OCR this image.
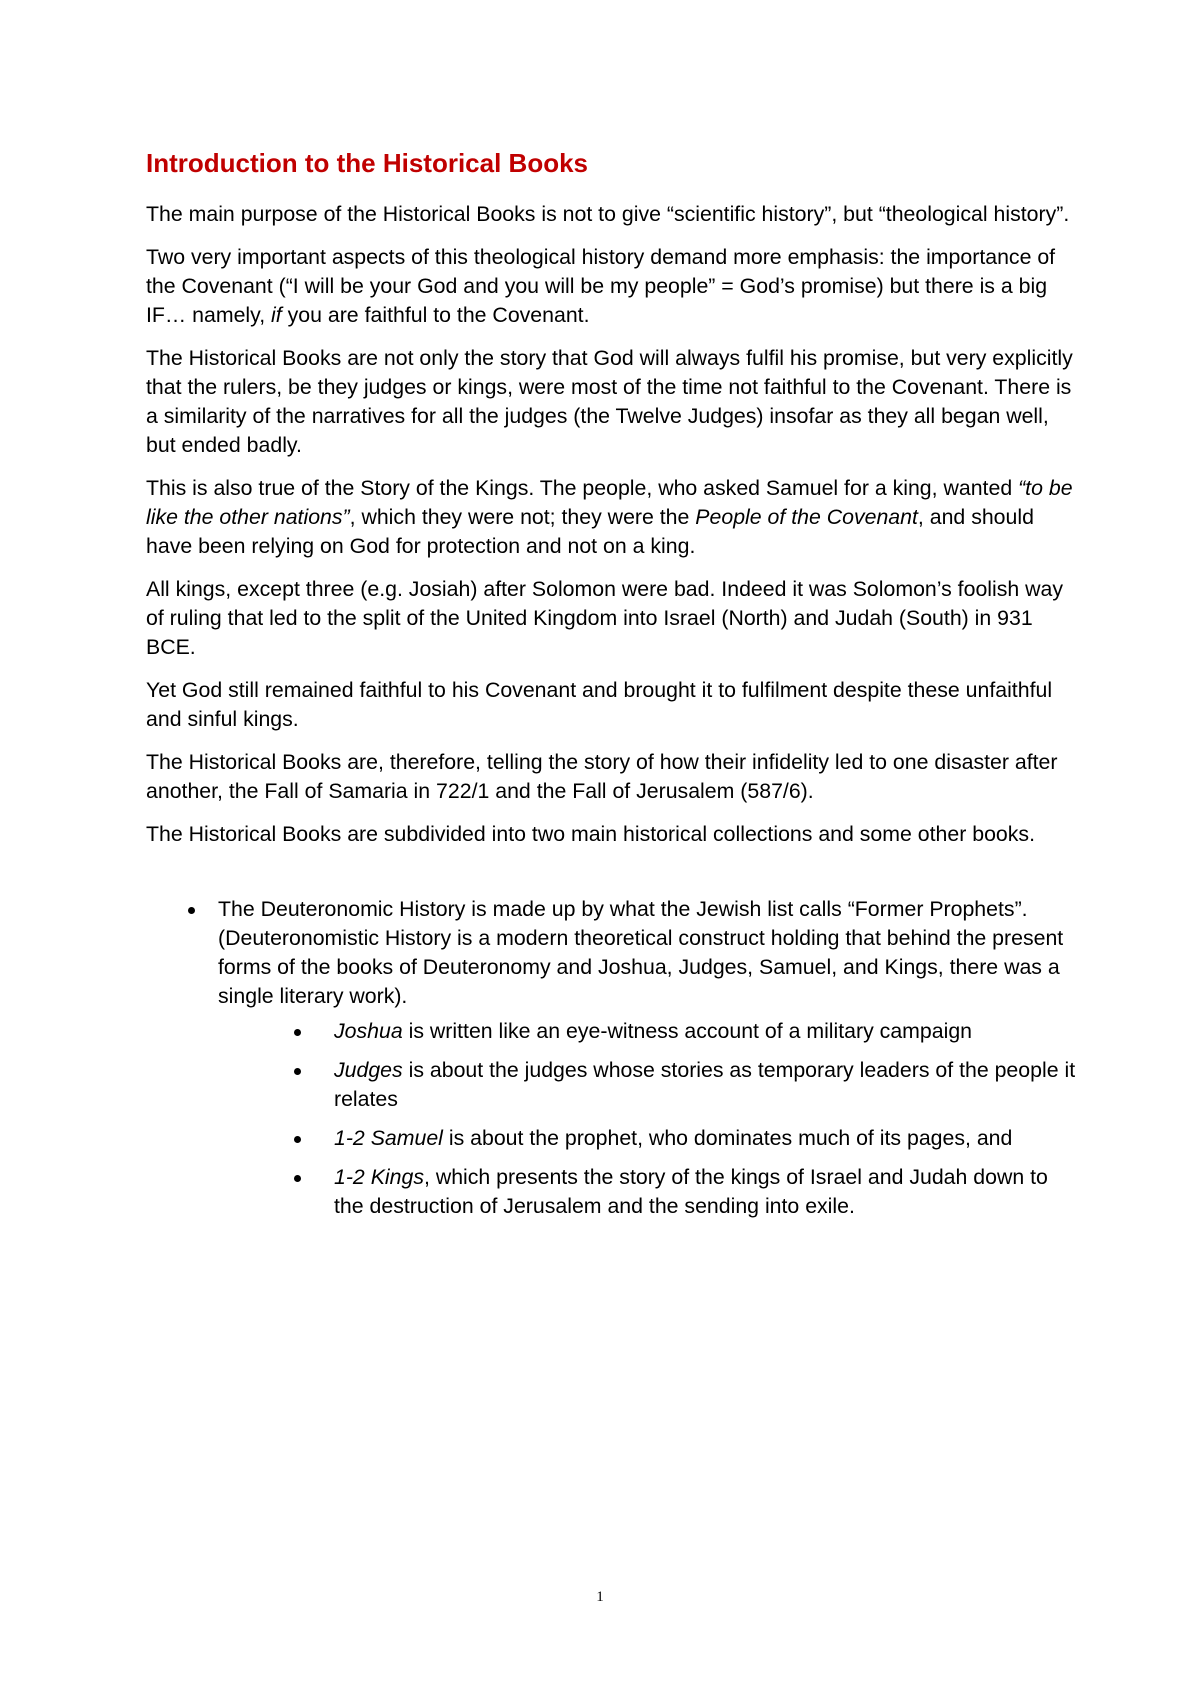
Introduction to the Historical Books

The main purpose of the Historical Books is not to give “scientific history”, but “theological history”.

Two very important aspects of this theological history demand more emphasis: the importance of the Covenant (“I will be your God and you will be my people” = God’s promise) but there is a big IF… namely, if you are faithful to the Covenant.

The Historical Books are not only the story that God will always fulfil his promise, but very explicitly that the rulers, be they judges or kings, were most of the time not faithful to the Covenant. There is a similarity of the narratives for all the judges (the Twelve Judges) insofar as they all began well, but ended badly.

This is also true of the Story of the Kings. The people, who asked Samuel for a king, wanted “to be like the other nations”, which they were not; they were the People of the Covenant, and should have been relying on God for protection and not on a king.

All kings, except three (e.g. Josiah) after Solomon were bad. Indeed it was Solomon’s foolish way of ruling that led to the split of the United Kingdom into Israel (North) and Judah (South) in 931 BCE.

Yet God still remained faithful to his Covenant and brought it to fulfilment despite these unfaithful and sinful kings.

The Historical Books are, therefore, telling the story of how their infidelity led to one disaster after another, the Fall of Samaria in 722/1 and the Fall of Jerusalem (587/6).

The Historical Books are subdivided into two main historical collections and some other books.

The Deuteronomic History is made up by what the Jewish list calls “Former Prophets”. (Deuteronomistic History is a modern theoretical construct holding that behind the present forms of the books of Deuteronomy and Joshua, Judges, Samuel, and Kings, there was a single literary work).
Joshua is written like an eye-witness account of a military campaign
Judges is about the judges whose stories as temporary leaders of the people it relates
1-2 Samuel is about the prophet, who dominates much of its pages, and
1-2 Kings, which presents the story of the kings of Israel and Judah down to the destruction of Jerusalem and the sending into exile.
1
